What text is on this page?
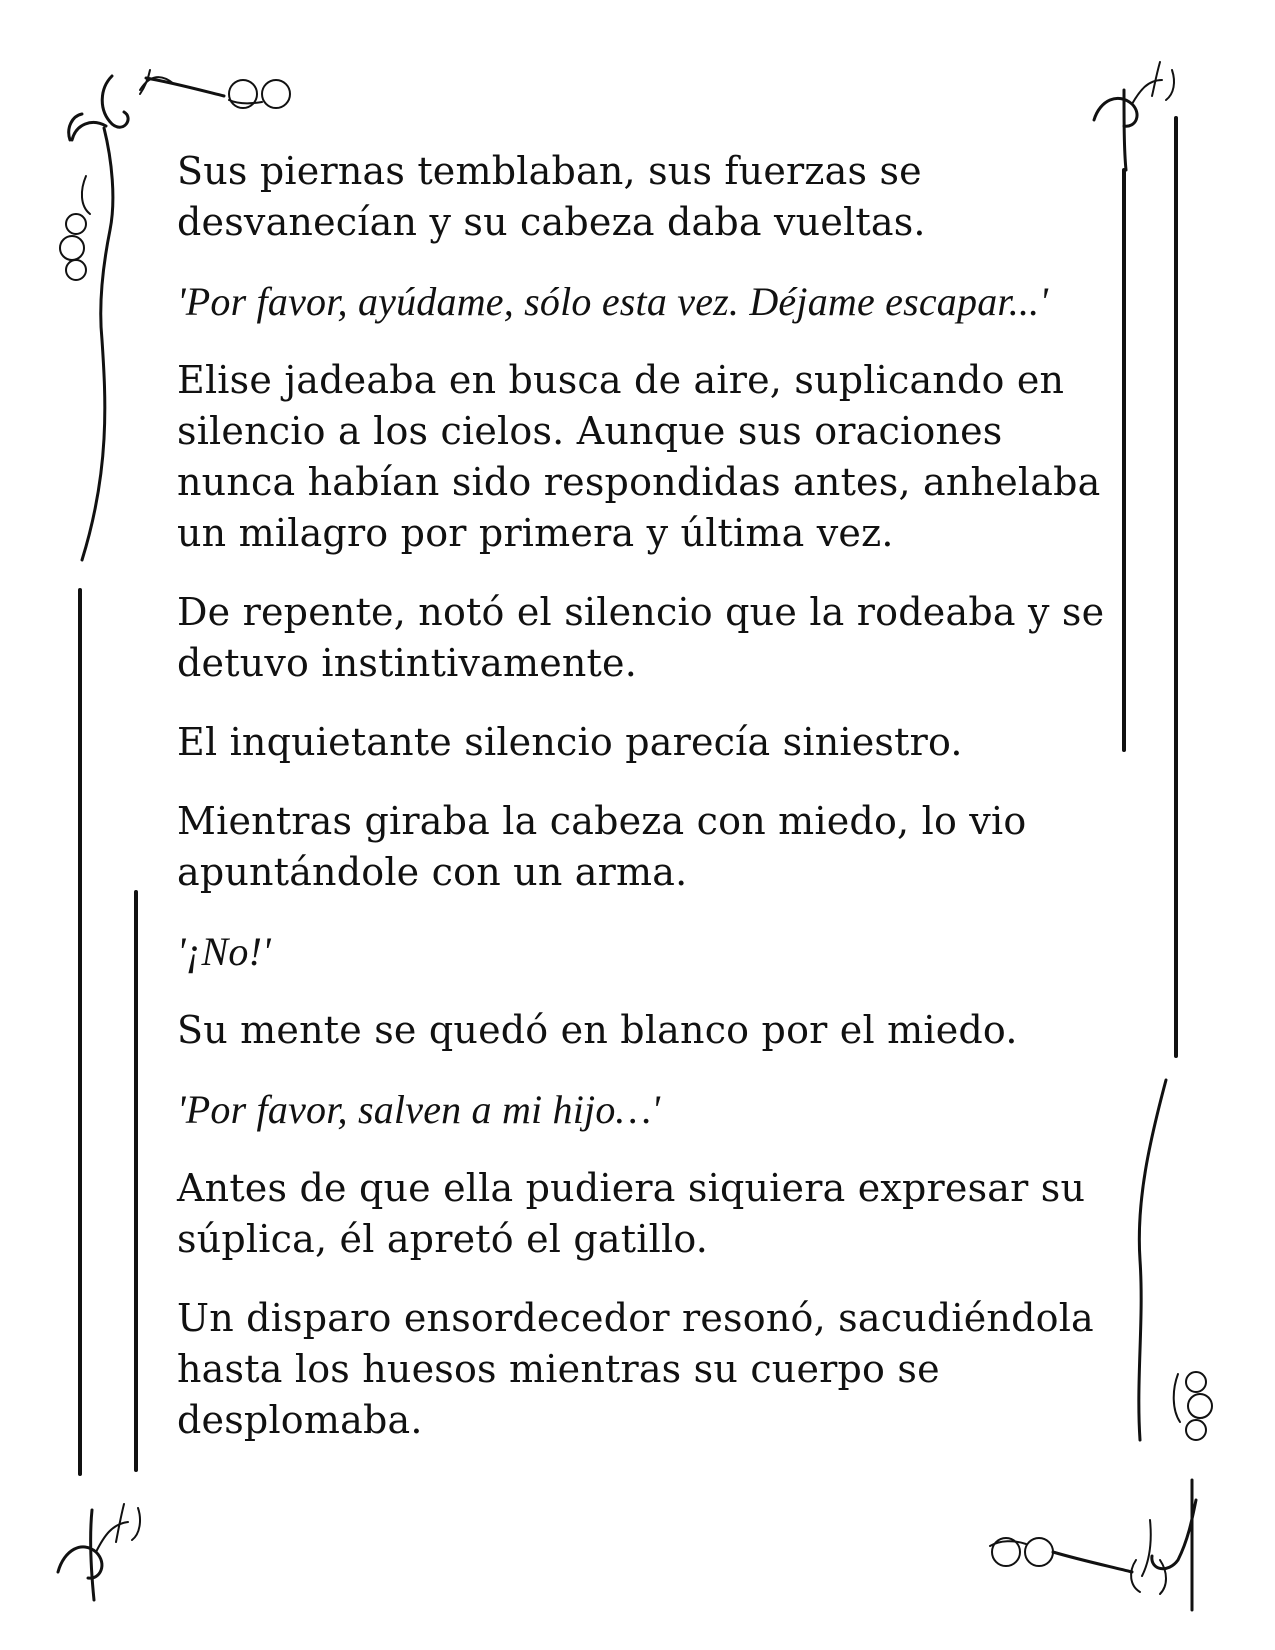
Sus piernas temblaban, sus fuerzas se desvanecían y su cabeza daba vueltas.

'Por favor, ayúdame, sólo esta vez. Déjame escapar...'

Elise jadeaba en busca de aire, suplicando en silencio a los cielos. Aunque sus oraciones nunca habían sido respondidas antes, anhelaba un milagro por primera y última vez.

De repente, notó el silencio que la rodeaba y se detuvo instintivamente.

El inquietante silencio parecía siniestro.

Mientras giraba la cabeza con miedo, lo vio apuntándole con un arma.

'¡No!'

Su mente se quedó en blanco por el miedo.

'Por favor, salven a mi hijo…'

Antes de que ella pudiera siquiera expresar su súplica, él apretó el gatillo.

Un disparo ensordecedor resonó, sacudiéndola hasta los huesos mientras su cuerpo se desplomaba.
